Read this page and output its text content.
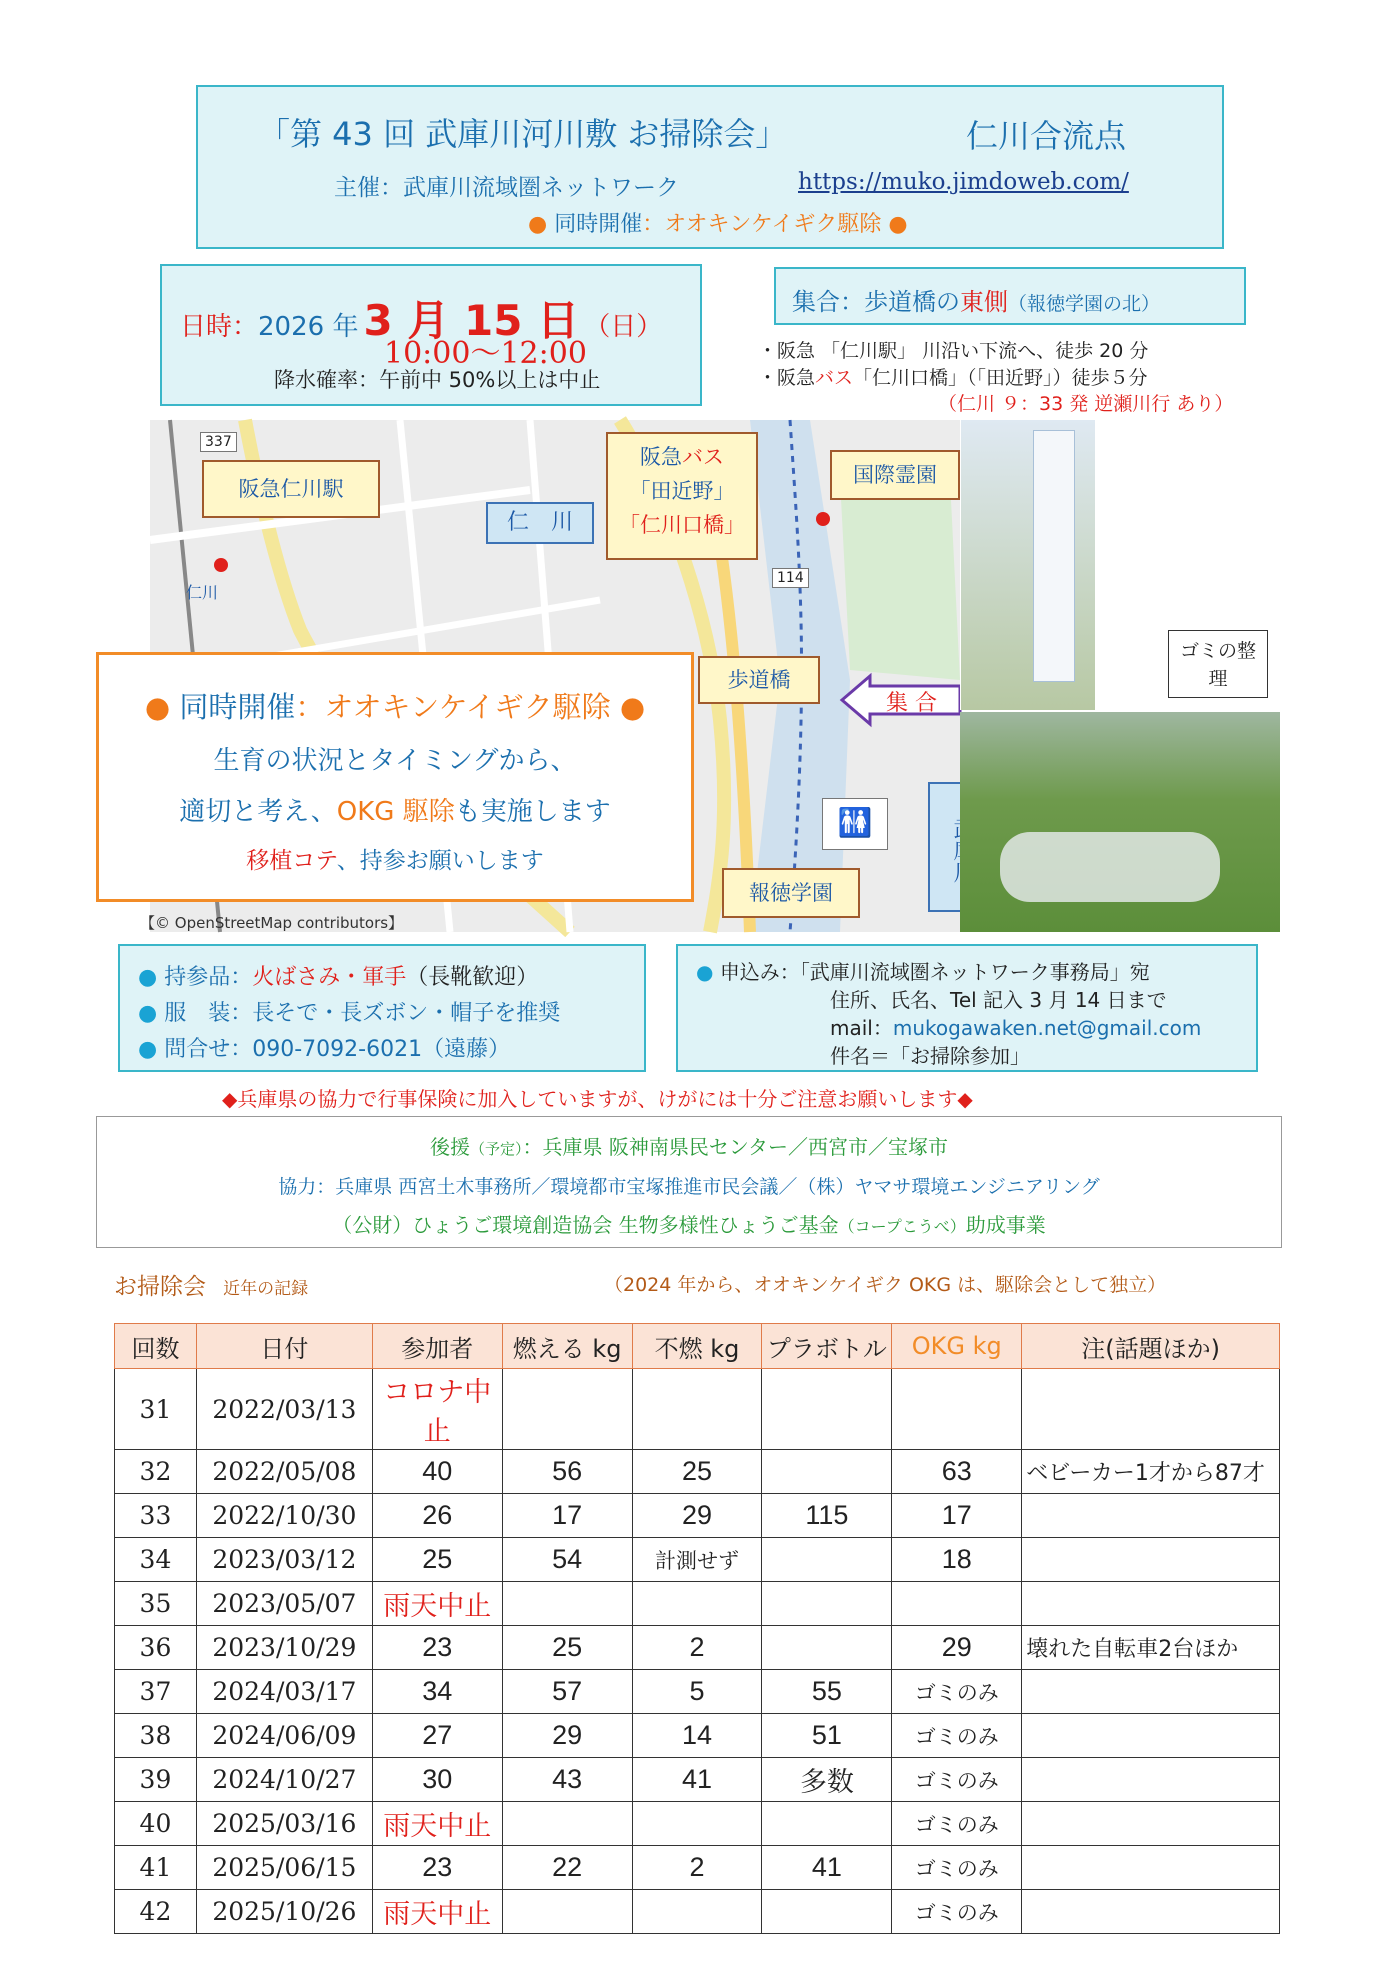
「第 43 回 武庫川河川敷 お掃除会」	仁川合流点
主催：武庫川流域圏ネットワーク	https://muko.jimdoweb.com/
● 同時開催：オオキンケイギク駆除 ●
日時：2026 年 3 月 15 日 （日）
10:00～12:00
降水確率：午前中 50%以上は中止
集合：歩道橋の東側（報徳学園の北）
・阪急 「仁川駅」 川沿い下流へ、徒歩 20 分
・阪急バス「仁川口橋」（「田近野」）徒歩５分
（仁川 ９：33 発 逆瀬川行 あり）
337
114
阪急仁川駅
仁川
仁　川
阪急バス
「田近野」
「仁川口橋」
国際霊園
歩道橋
集 合
報徳学園
🚻
ゴミの整理
● 同時開催：オオキンケイギク駆除 ●
生育の状況とタイミングから、
適切と考え、OKG 駆除も実施します
移植コテ、持参お願いします
【© OpenStreetMap contributors】
● 持参品：火ばさみ・軍手（長靴歓迎）
● 服　装：長そで・長ズボン・帽子を推奨
● 問合せ：090-7092-6021（遠藤）
● 申込み：「武庫川流域圏ネットワーク事務局」宛
住所、氏名、Tel 記入 3 月 14 日まで
mail：mukogawaken.net@gmail.com
件名＝「お掃除参加」
◆兵庫県の協力で行事保険に加入していますが、けがには十分ご注意お願いします◆
後援（予定）：兵庫県 阪神南県民センター／西宮市／宝塚市
協力：兵庫県 西宮土木事務所／環境都市宝塚推進市民会議／（株）ヤマサ環境エンジニアリング
（公財）ひょうご環境創造協会 生物多様性ひょうご基金（コープこうべ）助成事業
お掃除会 近年の記録	（2024 年から、オオキンケイギク OKG は、駆除会として独立）
回数	日付	参加者	燃える kg	不燃 kg	プラボトル	OKG kg	注(話題ほか)
31	2022/03/13	コロナ中止					
32	2022/05/08	40	56	25		63	ベビーカー1才から87才
33	2022/10/30	26	17	29	115	17	
34	2023/03/12	25	54	計測せず		18	
35	2023/05/07	雨天中止					
36	2023/10/29	23	25	2		29	壊れた自転車2台ほか
37	2024/03/17	34	57	5	55	ゴミのみ	
38	2024/06/09	27	29	14	51	ゴミのみ	
39	2024/10/27	30	43	41	多数	ゴミのみ	
40	2025/03/16	雨天中止				ゴミのみ	
41	2025/06/15	23	22	2	41	ゴミのみ	
42	2025/10/26	雨天中止				ゴミのみ	
